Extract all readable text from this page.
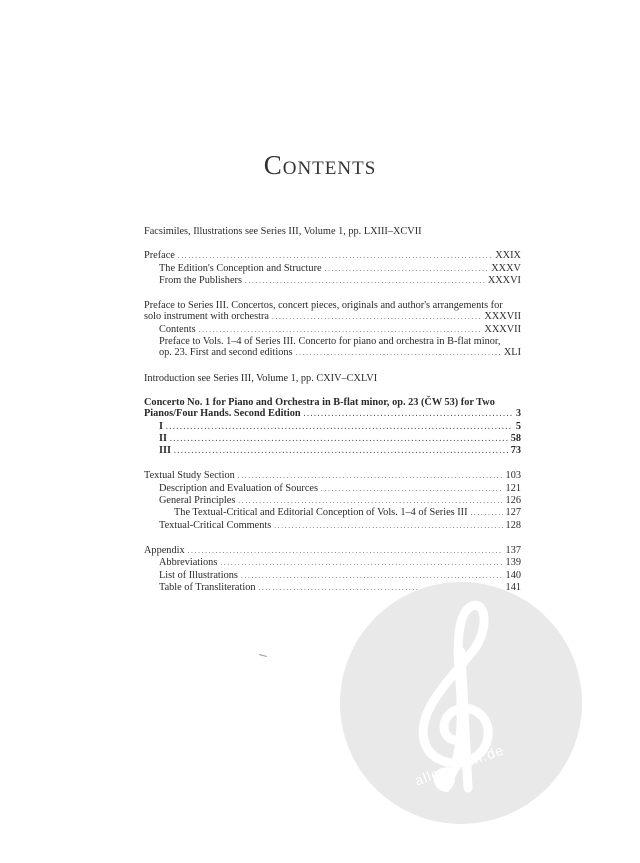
Contents
Facsimiles, Illustrations see Series III, Volume 1, pp. LXIII–XCVII
Preface . . .	XXIX
The Edition's Conception and Structure . . .	XXXV
From the Publishers . . .	XXXVI
Preface to Series III. Concertos, concert pieces, originals and author's arrangements for
solo instrument with orchestra . . .	XXXVII
Contents . . .	XXXVII
Preface to Vols. 1–4 of Series III. Concerto for piano and orchestra in B-flat minor,
op. 23. First and second editions . . .	XLI
Introduction see Series III, Volume 1, pp. CXIV–CXLVI
Concerto No. 1 for Piano and Orchestra in B-flat minor, op. 23 (ČW 53) for Two
Pianos/Four Hands. Second Edition . . .	3
I . . .	5
II . . .	58
III . . .	73
Textual Study Section . . .	103
Description and Evaluation of Sources . . .	121
General Principles . . .	126
The Textual-Critical and Editorial Conception of Vols. 1–4 of Series III . . .	127
Textual-Critical Comments . . .	128
Appendix . . .	137
Abbreviations . . .	139
List of Illustrations . . .	140
Table of Transliteration . . .	141
alle-noten.de
